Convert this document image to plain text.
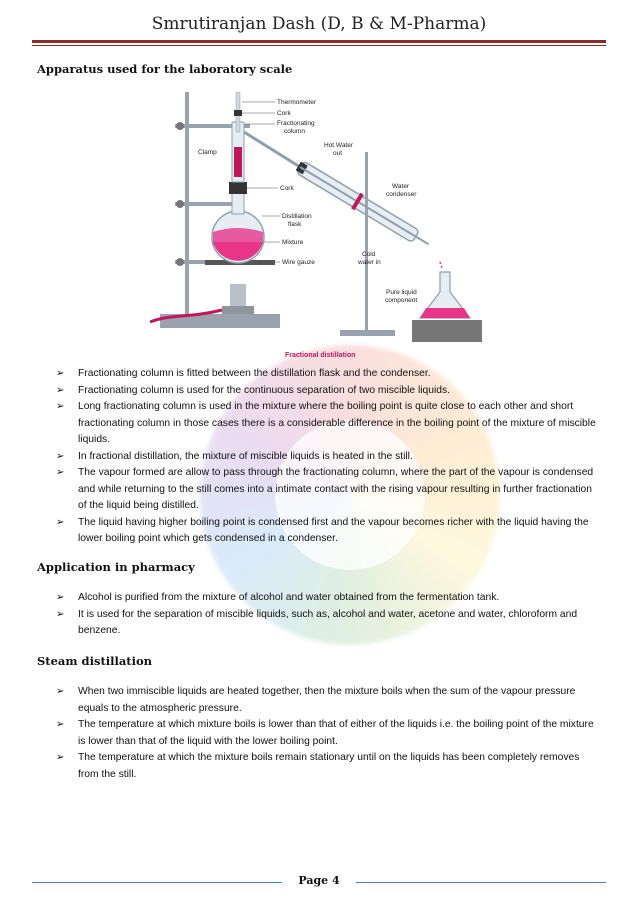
Smrutiranjan Dash (D, B & M-Pharma)
Apparatus used for the laboratory scale
Thermometer
Cork
Fractionating
column
Clamp
Hot Water
out
Cork	Water
condenser
Distillation
flask
Mixture
Wire gauze
Cold
water in
Pure liquid
component
Fractional distillation
➢ Fractionating column is fitted between the distillation flask and the condenser.
➢ Fractionating column is used for the continuous separation of two miscible liquids.
➢ Long fractionating column is used in the mixture where the boiling point is quite close to each other and short fractionating column in those cases there is a considerable difference in the boiling point of the mixture of miscible liquids.
➢ In fractional distillation, the mixture of miscible liquids is heated in the still.
➢ The vapour formed are allow to pass through the fractionating column, where the part of the vapour is condensed and while returning to the still comes into a intimate contact with the rising vapour resulting in further fractionation of the liquid being distilled.
➢ The liquid having higher boiling point is condensed first and the vapour becomes richer with the liquid having the lower boiling point which gets condensed in a condenser.
Application in pharmacy
➢ Alcohol is purified from the mixture of alcohol and water obtained from the fermentation tank.
➢ It is used for the separation of miscible liquids, such as, alcohol and water, acetone and water, chloroform and benzene.
Steam distillation
➢ When two immiscible liquids are heated together, then the mixture boils when the sum of the vapour pressure equals to the atmospheric pressure.
➢ The temperature at which mixture boils is lower than that of either of the liquids i.e. the boiling point of the mixture is lower than that of the liquid with the lower boiling point.
➢ The temperature at which the mixture boils remain stationary until on the liquids has been completely removes from the still.
Page 4
